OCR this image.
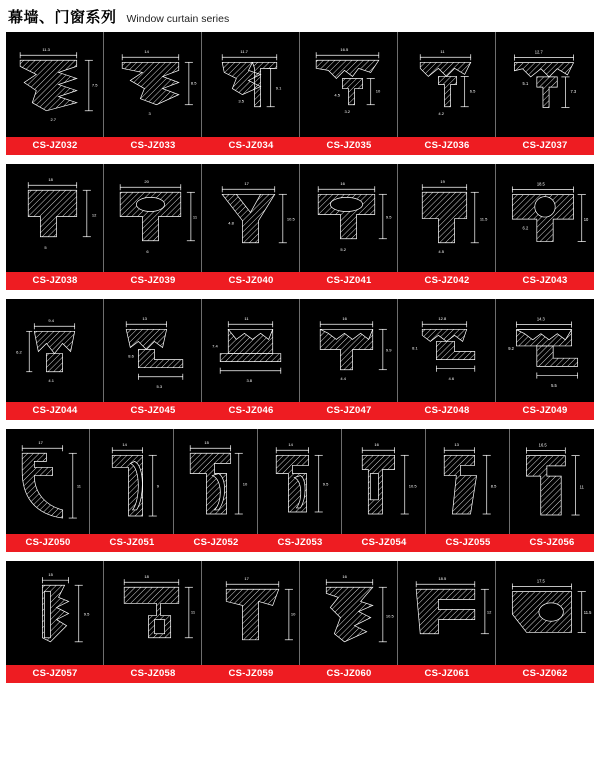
幕墙、门窗系列 Window curtain series
11.3
7.5
2.7
14
8.5
3
11.7
9.1
3.5
16.5
10
4.5
3.2
11
6.5
4.2
12.7
7.3
5.1
CS-JZ032	CS-JZ033	CS-JZ034	CS-JZ035	CS-JZ036	CS-JZ037
18
12
5
20
11
6
17
10.5
4.8
16
9.5
5.2
19
11.5
4.5
18.5
10
6.2
CS-JZ038	CS-JZ039	CS-JZ040	CS-JZ041	CS-JZ042	CS-JZ043
9.4
6.2
4.1
13
8.6
5.3
11
7.4
3.8
16
9.9
4.4
12.8
8.1
4.6
14.3
9.2
5.5
CS-JZ044	CS-JZ045	CS-JZ046	CS-JZ047	CS-JZ048	CS-JZ049
17
11
14
9
15
10
14
9.5
16
10.5
13
8.5
16.5
11
CS-JZ050	CS-JZ051	CS-JZ052	CS-JZ053	CS-JZ054	CS-JZ055	CS-JZ056
15
9.5
18
11
17
10
16
10.5
18.5
12
17.5
11.5
CS-JZ057	CS-JZ058	CS-JZ059	CS-JZ060	CS-JZ061	CS-JZ062
